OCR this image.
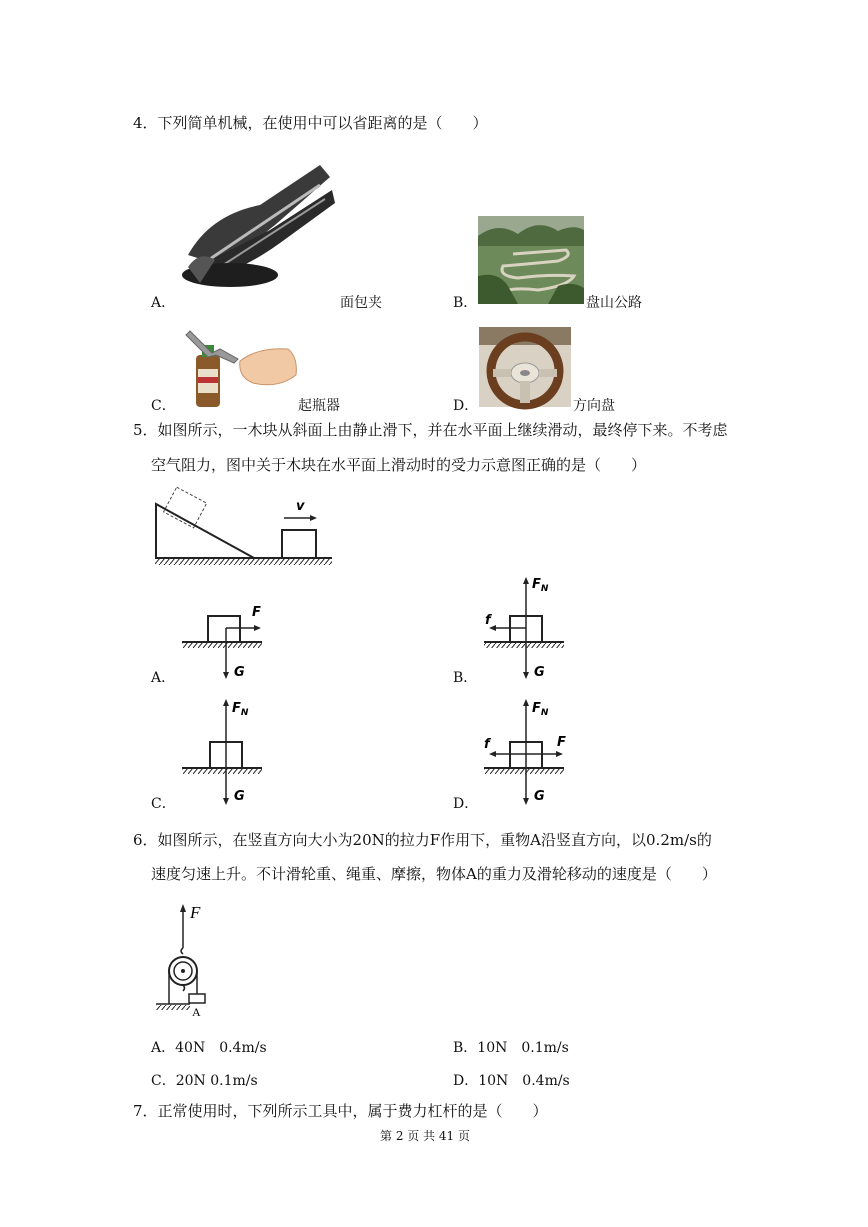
4．下列简单机械，在使用中可以省距离的是（　　）
A．	面包夹	B．	盘山公路
C．	起瓶器	D．	方向盘
5．如图所示，一木块从斜面上由静止滑下，并在水平面上继续滑动，最终停下来。不考虑
空气阻力，图中关于木块在水平面上滑动时的受力示意图正确的是（　　）
v
F
G
A．
$F_N$
f
G
B．
$F_N$
G
C．
$F_N$
f	F
G
D．
6．如图所示，在竖直方向大小为20N的拉力F作用下，重物A沿竖直方向，以0.2m/s的
速度匀速上升。不计滑轮重、绳重、摩擦，物体A的重力及滑轮移动的速度是（　　）
F
A
A．40N　0.4m/s	B．10N　0.1m/s
C．20N 0.1m/s	D．10N　0.4m/s
7．正常使用时，下列所示工具中，属于费力杠杆的是（　　）
第 2 页 共 41 页
